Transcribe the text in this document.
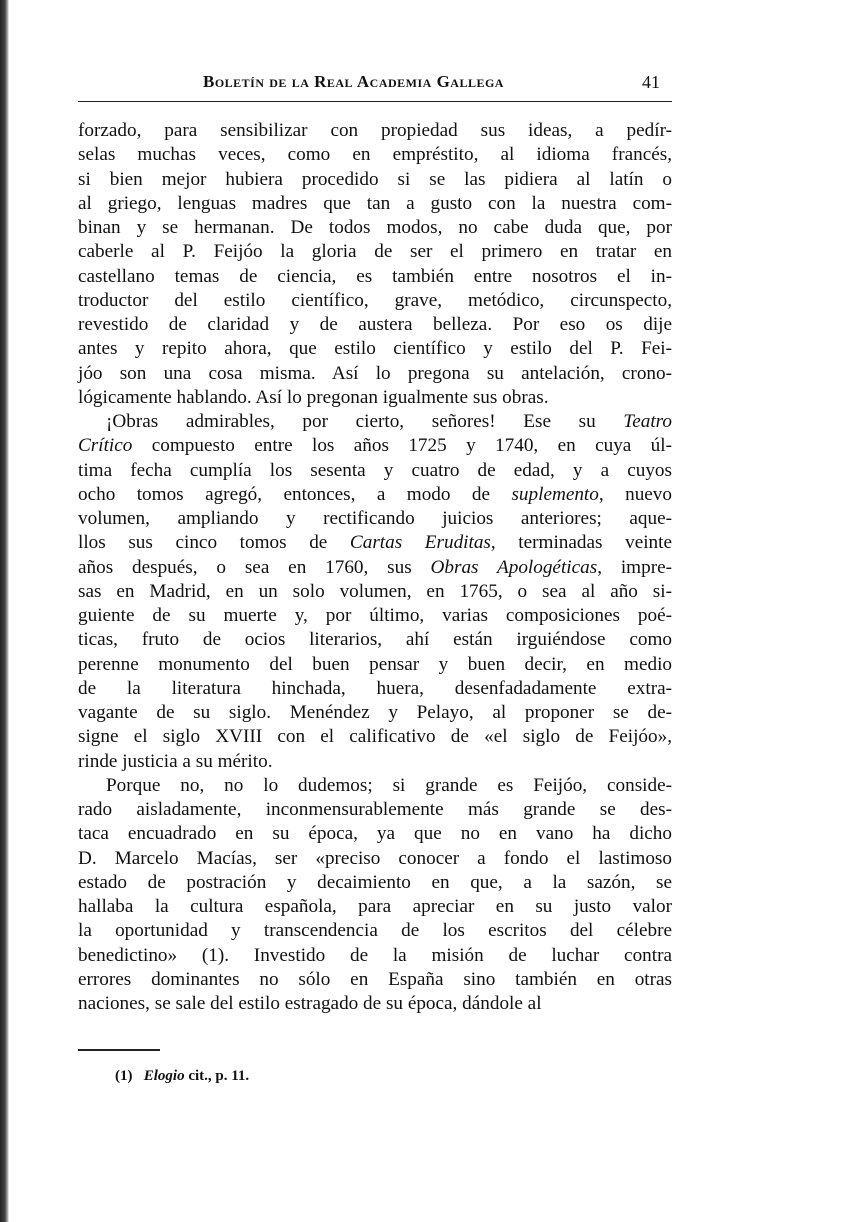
Boletín de la Real Academia Gallega	41
forzado, para sensibilizar con propiedad sus ideas, a pedír-
selas muchas veces, como en empréstito, al idioma francés,
si bien mejor hubiera procedido si se las pidiera al latín o
al griego, lenguas madres que tan a gusto con la nuestra com-
binan y se hermanan. De todos modos, no cabe duda que, por
caberle al P. Feijóo la gloria de ser el primero en tratar en
castellano temas de ciencia, es también entre nosotros el in-
troductor del estilo científico, grave, metódico, circunspecto,
revestido de claridad y de austera belleza. Por eso os dije
antes y repito ahora, que estilo científico y estilo del P. Fei-
jóo son una cosa misma. Así lo pregona su antelación, crono-
lógicamente hablando. Así lo pregonan igualmente sus obras.
¡Obras admirables, por cierto, señores! Ese su Teatro
Crítico compuesto entre los años 1725 y 1740, en cuya úl-
tima fecha cumplía los sesenta y cuatro de edad, y a cuyos
ocho tomos agregó, entonces, a modo de suplemento, nuevo
volumen, ampliando y rectificando juicios anteriores; aque-
llos sus cinco tomos de Cartas Eruditas, terminadas veinte
años después, o sea en 1760, sus Obras Apologéticas, impre-
sas en Madrid, en un solo volumen, en 1765, o sea al año si-
guiente de su muerte y, por último, varias composiciones poé-
ticas, fruto de ocios literarios, ahí están irguiéndose como
perenne monumento del buen pensar y buen decir, en medio
de la literatura hinchada, huera, desenfadadamente extra-
vagante de su siglo. Menéndez y Pelayo, al proponer se de-
signe el siglo XVIII con el calificativo de «el siglo de Feijóo»,
rinde justicia a su mérito.
Porque no, no lo dudemos; si grande es Feijóo, conside-
rado aisladamente, inconmensurablemente más grande se des-
taca encuadrado en su época, ya que no en vano ha dicho
D. Marcelo Macías, ser «preciso conocer a fondo el lastimoso
estado de postración y decaimiento en que, a la sazón, se
hallaba la cultura española, para apreciar en su justo valor
la oportunidad y transcendencia de los escritos del célebre
benedictino» (1). Investido de la misión de luchar contra
errores dominantes no sólo en España sino también en otras
naciones, se sale del estilo estragado de su época, dándole al
(1) Elogio cit., p. 11.
